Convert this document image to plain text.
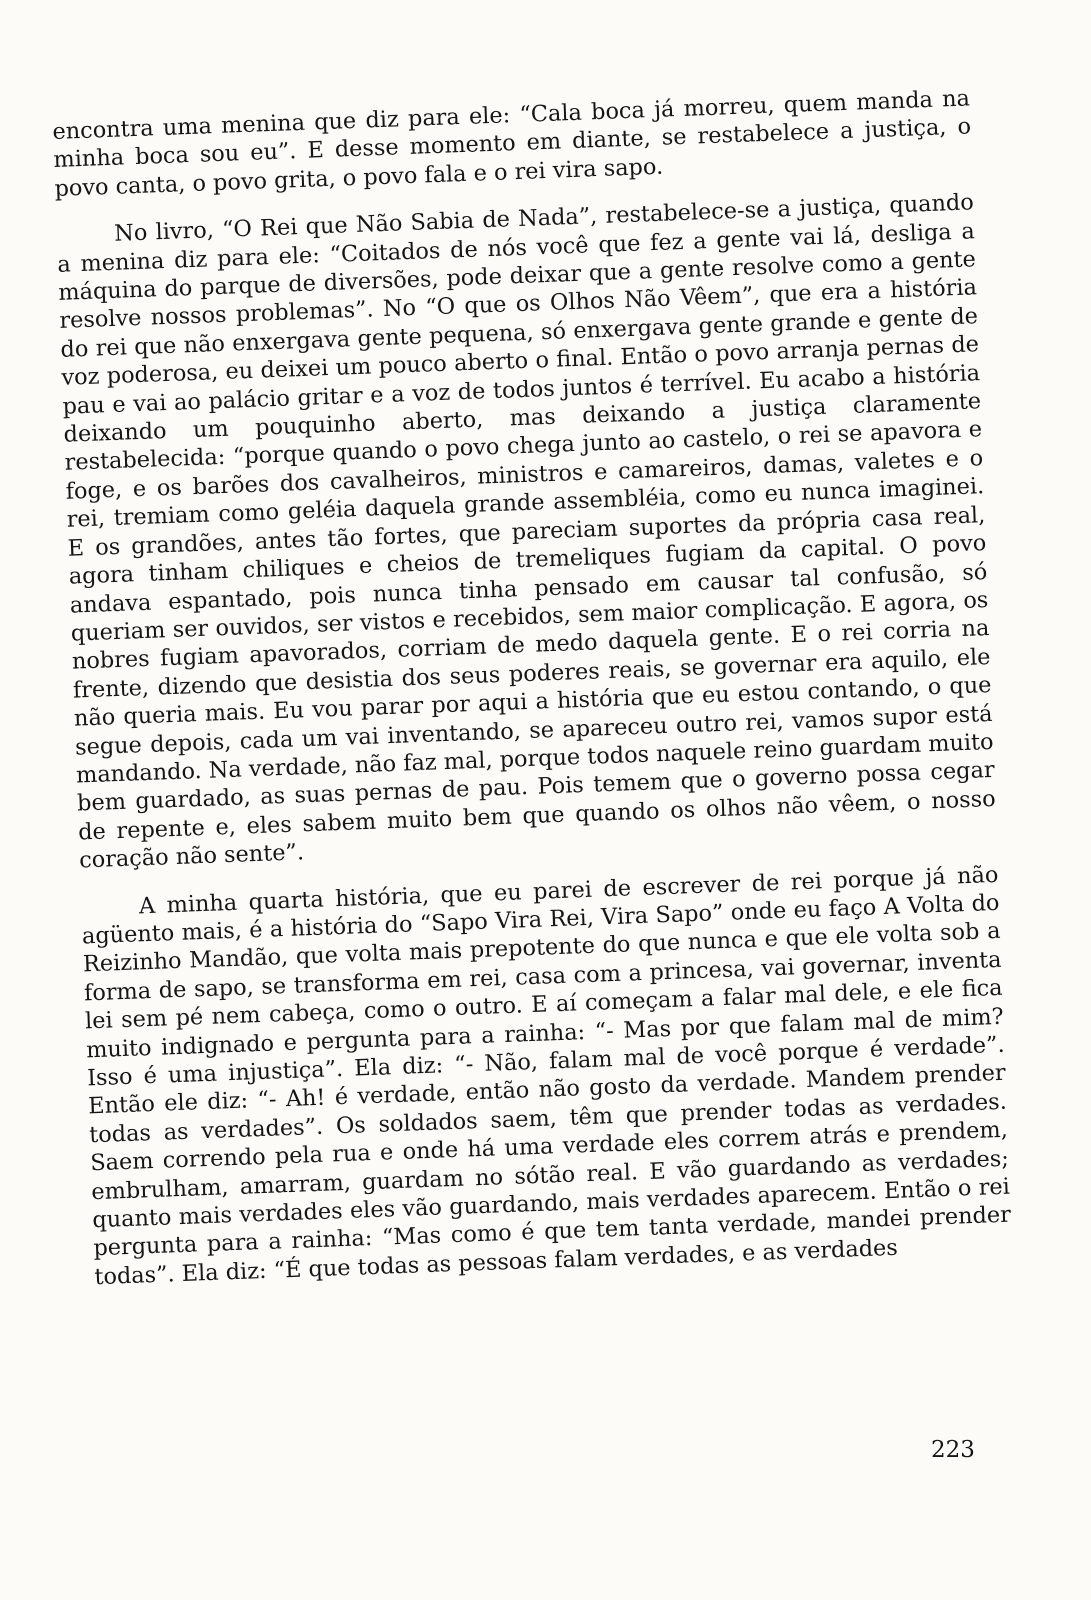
encontra uma menina que diz para ele: “Cala boca já morreu, quem manda na minha boca sou eu”. E desse momento em diante, se restabelece a justiça, o povo canta, o povo grita, o povo fala e o rei vira sapo.

No livro, “O Rei que Não Sabia de Nada”, restabelece-se a justiça, quando a menina diz para ele: “Coitados de nós você que fez a gente vai lá, desliga a máquina do parque de diversões, pode deixar que a gente resolve como a gente resolve nossos problemas”. No “O que os Olhos Não Vêem”, que era a história do rei que não enxergava gente pequena, só enxergava gente grande e gente de voz poderosa, eu deixei um pouco aberto o final. Então o povo arranja pernas de pau e vai ao palácio gritar e a voz de todos juntos é terrível. Eu acabo a história deixando um pouquinho aberto, mas deixando a justiça claramente restabelecida: “porque quando o povo chega junto ao castelo, o rei se apavora e foge, e os barões dos cavalheiros, ministros e camareiros, damas, valetes e o rei, tremiam como geléia daquela grande assembléia, como eu nunca imaginei. E os grandões, antes tão fortes, que pareciam suportes da própria casa real, agora tinham chiliques e cheios de tremeliques fugiam da capital. O povo andava espantado, pois nunca tinha pensado em causar tal confusão, só queriam ser ouvidos, ser vistos e recebidos, sem maior complicação. E agora, os nobres fugiam apavorados, corriam de medo daquela gente. E o rei corria na frente, dizendo que desistia dos seus poderes reais, se governar era aquilo, ele não queria mais. Eu vou parar por aqui a história que eu estou contando, o que segue depois, cada um vai inventando, se apareceu outro rei, vamos supor está mandando. Na verdade, não faz mal, porque todos naquele reino guardam muito bem guardado, as suas pernas de pau. Pois temem que o governo possa cegar de repente e, eles sabem muito bem que quando os olhos não vêem, o nosso coração não sente”.

A minha quarta história, que eu parei de escrever de rei porque já não agüento mais, é a história do “Sapo Vira Rei, Vira Sapo” onde eu faço A Volta do Reizinho Mandão, que volta mais prepotente do que nunca e que ele volta sob a forma de sapo, se transforma em rei, casa com a princesa, vai governar, inventa lei sem pé nem cabeça, como o outro. E aí começam a falar mal dele, e ele fica muito indignado e pergunta para a rainha: “- Mas por que falam mal de mim? Isso é uma injustiça”. Ela diz: “- Não, falam mal de você porque é verdade”. Então ele diz: “- Ah! é verdade, então não gosto da verdade. Mandem prender todas as verdades”. Os soldados saem, têm que prender todas as verdades. Saem correndo pela rua e onde há uma verdade eles correm atrás e prendem, embrulham, amarram, guardam no sótão real. E vão guardando as verdades; quanto mais verdades eles vão guardando, mais verdades aparecem. Então o rei pergunta para a rainha: “Mas como é que tem tanta verdade, mandei prender todas”. Ela diz: “É que todas as pessoas falam verdades, e as verdades

223
